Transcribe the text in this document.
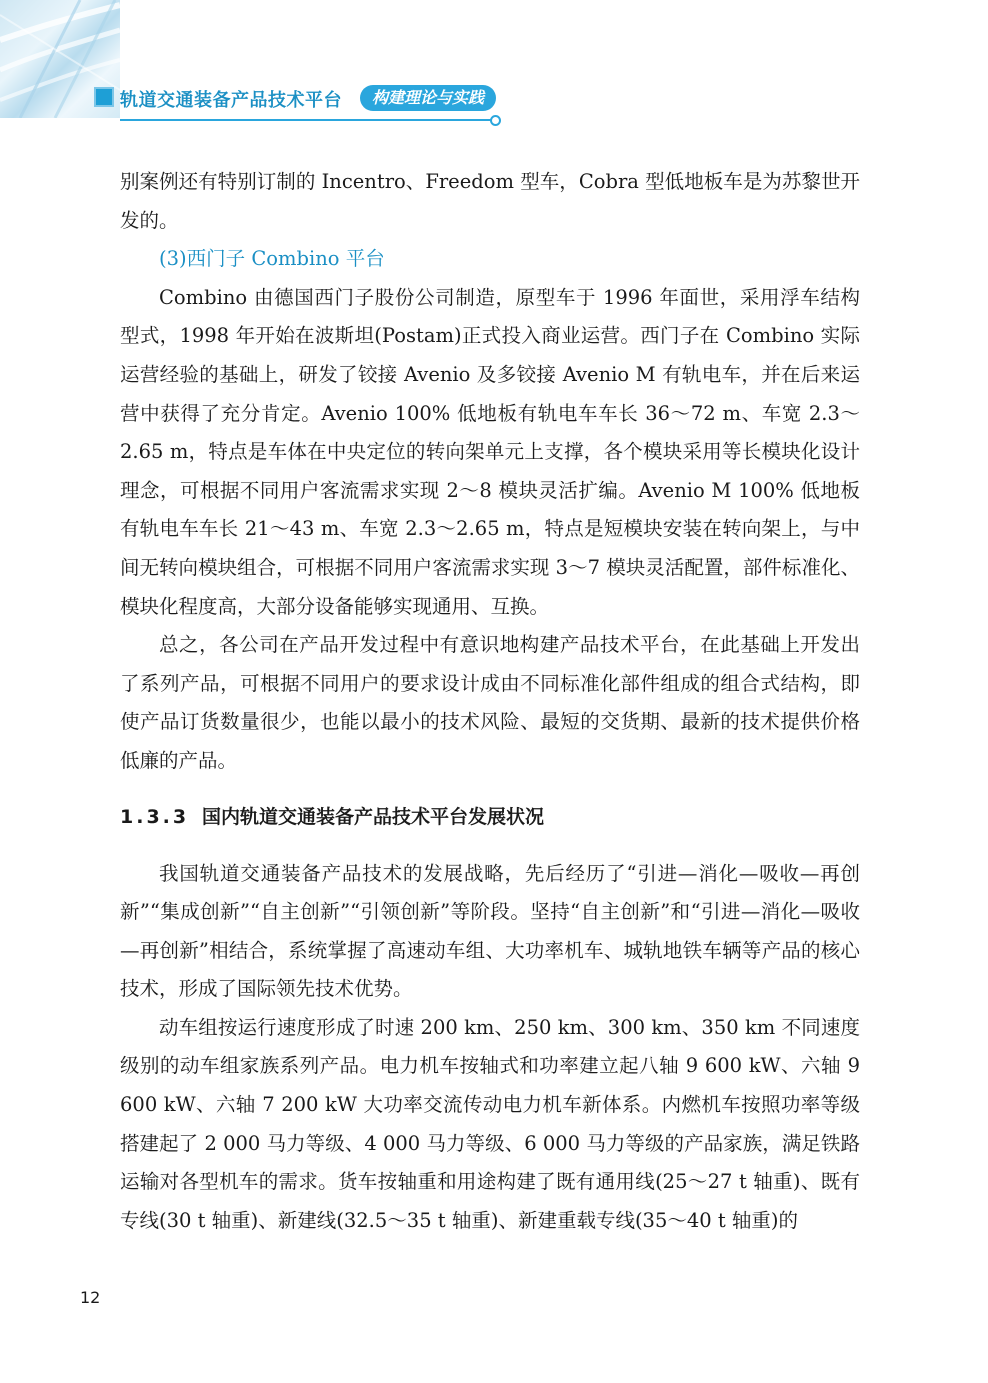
轨道交通装备产品技术平台	构建理论与实践

别案例还有特别订制的 Incentro、Freedom 型车，Cobra 型低地板车是为苏黎世开发的。

(3)西门子 Combino 平台

Combino 由德国西门子股份公司制造，原型车于 1996 年面世，采用浮车结构型式，1998 年开始在波斯坦(Postam)正式投入商业运营。西门子在 Combino 实际运营经验的基础上，研发了铰接 Avenio 及多铰接 Avenio M 有轨电车，并在后来运营中获得了充分肯定。Avenio 100% 低地板有轨电车车长 36～72 m、车宽 2.3～2.65 m，特点是车体在中央定位的转向架单元上支撑，各个模块采用等长模块化设计理念，可根据不同用户客流需求实现 2～8 模块灵活扩编。Avenio M 100% 低地板有轨电车车长 21～43 m、车宽 2.3～2.65 m，特点是短模块安装在转向架上，与中间无转向模块组合，可根据不同用户客流需求实现 3～7 模块灵活配置，部件标准化、模块化程度高，大部分设备能够实现通用、互换。

总之，各公司在产品开发过程中有意识地构建产品技术平台，在此基础上开发出了系列产品，可根据不同用户的要求设计成由不同标准化部件组成的组合式结构，即使产品订货数量很少，也能以最小的技术风险、最短的交货期、最新的技术提供价格低廉的产品。

1.3.3 国内轨道交通装备产品技术平台发展状况

我国轨道交通装备产品技术的发展战略，先后经历了“引进—消化—吸收—再创新”“集成创新”“自主创新”“引领创新”等阶段。坚持“自主创新”和“引进—消化—吸收—再创新”相结合，系统掌握了高速动车组、大功率机车、城轨地铁车辆等产品的核心技术，形成了国际领先技术优势。

动车组按运行速度形成了时速 200 km、250 km、300 km、350 km 不同速度级别的动车组家族系列产品。电力机车按轴式和功率建立起八轴 9 600 kW、六轴 9 600 kW、六轴 7 200 kW 大功率交流传动电力机车新体系。内燃机车按照功率等级搭建起了 2 000 马力等级、4 000 马力等级、6 000 马力等级的产品家族，满足铁路运输对各型机车的需求。货车按轴重和用途构建了既有通用线(25～27 t 轴重)、既有专线(30 t 轴重)、新建线(32.5～35 t 轴重)、新建重载专线(35～40 t 轴重)的

12
